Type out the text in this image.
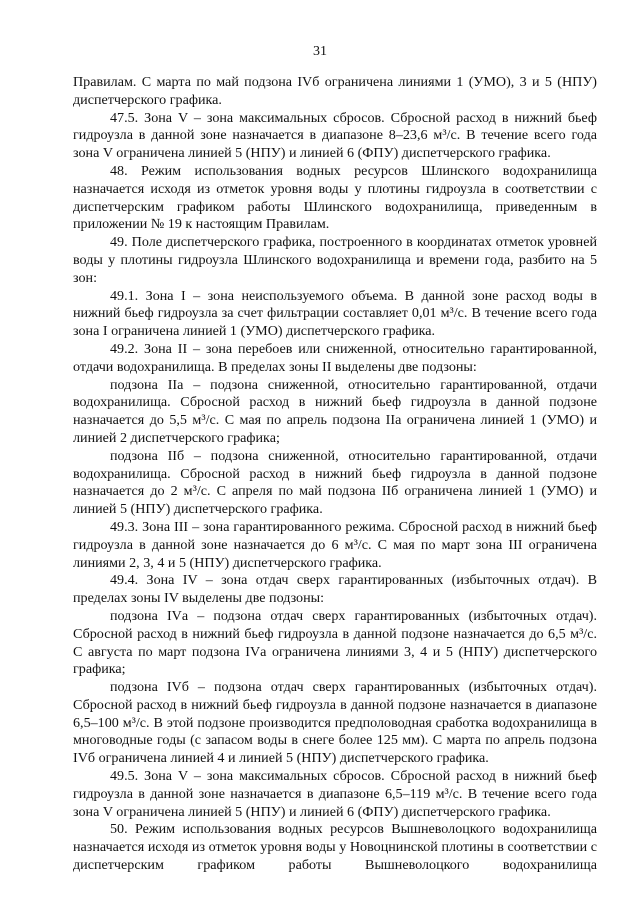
31

Правилам. С марта по май подзона IVб ограничена линиями 1 (УМО), 3 и 5 (НПУ) диспетчерского графика.

47.5. Зона V – зона максимальных сбросов. Сбросной расход в нижний бьеф гидроузла в данной зоне назначается в диапазоне 8–23,6 м³/с. В течение всего года зона V ограничена линией 5 (НПУ) и линией 6 (ФПУ) диспетчерского графика.

48. Режим использования водных ресурсов Шлинского водохранилища назначается исходя из отметок уровня воды у плотины гидроузла в соответствии с диспетчерским графиком работы Шлинского водохранилища, приведенным в приложении № 19 к настоящим Правилам.

49. Поле диспетчерского графика, построенного в координатах отметок уровней воды у плотины гидроузла Шлинского водохранилища и времени года, разбито на 5 зон:

49.1. Зона I – зона неиспользуемого объема. В данной зоне расход воды в нижний бьеф гидроузла за счет фильтрации составляет 0,01 м³/с. В течение всего года зона I ограничена линией 1 (УМО) диспетчерского графика.

49.2. Зона II – зона перебоев или сниженной, относительно гарантированной, отдачи водохранилища. В пределах зоны II выделены две подзоны:

подзона IIа – подзона сниженной, относительно гарантированной, отдачи водохранилища. Сбросной расход в нижний бьеф гидроузла в данной подзоне назначается до 5,5 м³/с. С мая по апрель подзона IIа ограничена линией 1 (УМО) и линией 2 диспетчерского графика;

подзона IIб – подзона сниженной, относительно гарантированной, отдачи водохранилища. Сбросной расход в нижний бьеф гидроузла в данной подзоне назначается до 2 м³/с. С апреля по май подзона IIб ограничена линией 1 (УМО) и линией 5 (НПУ) диспетчерского графика.

49.3. Зона III – зона гарантированного режима. Сбросной расход в нижний бьеф гидроузла в данной зоне назначается до 6 м³/с. С мая по март зона III ограничена линиями 2, 3, 4 и 5 (НПУ) диспетчерского графика.

49.4. Зона IV – зона отдач сверх гарантированных (избыточных отдач). В пределах зоны IV выделены две подзоны:

подзона IVа – подзона отдач сверх гарантированных (избыточных отдач). Сбросной расход в нижний бьеф гидроузла в данной подзоне назначается до 6,5 м³/с. С августа по март подзона IVа ограничена линиями 3, 4 и 5 (НПУ) диспетчерского графика;

подзона IVб – подзона отдач сверх гарантированных (избыточных отдач). Сбросной расход в нижний бьеф гидроузла в данной подзоне назначается в диапазоне 6,5–100 м³/с. В этой подзоне производится предполоводная сработка водохранилища в многоводные годы (с запасом воды в снеге более 125 мм). С марта по апрель подзона IVб ограничена линией 4 и линией 5 (НПУ) диспетчерского графика.

49.5. Зона V – зона максимальных сбросов. Сбросной расход в нижний бьеф гидроузла в данной зоне назначается в диапазоне 6,5–119 м³/с. В течение всего года зона V ограничена линией 5 (НПУ) и линией 6 (ФПУ) диспетчерского графика.

50. Режим использования водных ресурсов Вышневолоцкого водохранилища назначается исходя из отметок уровня воды у Новоцнинской плотины в соответствии с диспетчерским графиком работы Вышневолоцкого водохранилища
